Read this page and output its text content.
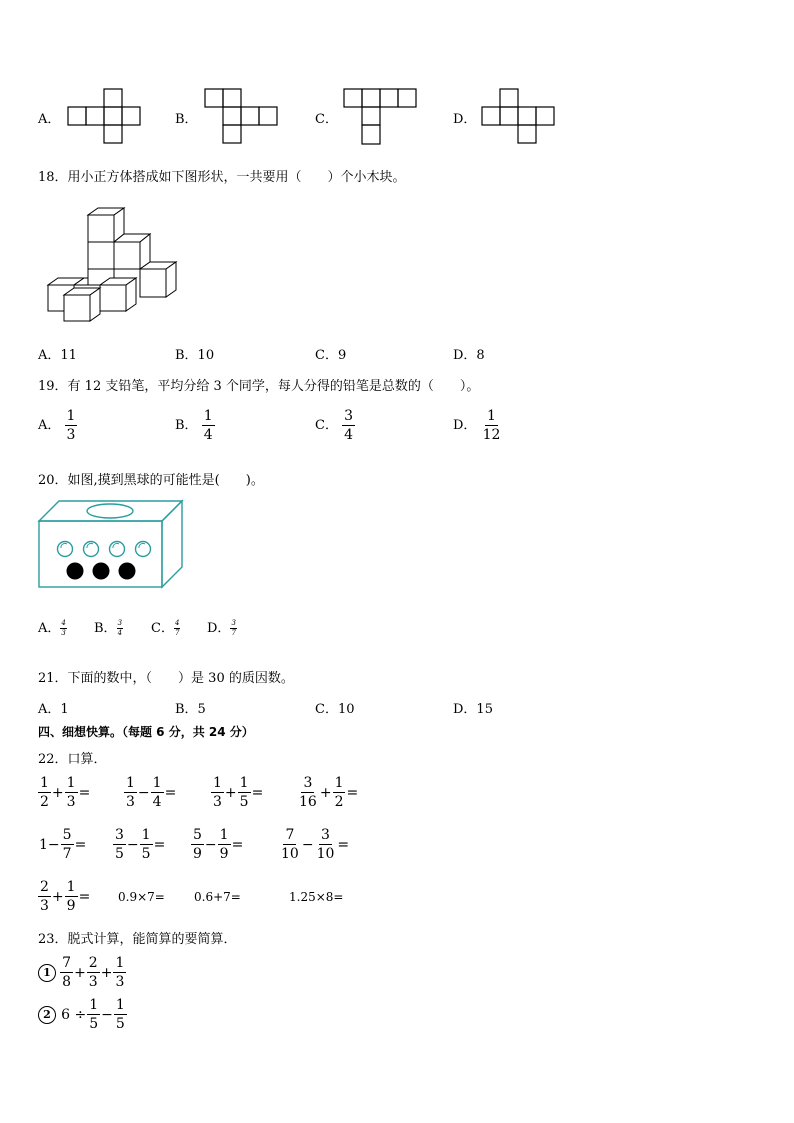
A．	B．	C．	D．
18．用小正方体搭成如下图形状，一共要用（　　）个小木块。
A．11	B．10	C．9	D．8
19．有 12 支铅笔，平均分给 3 个同学，每人分得的铅笔是总数的（　　）。
A． $\frac{1}{3}$	B． $\frac{1}{4}$	C． $\frac{3}{4}$	D． $\frac{1}{12}$
20．如图,摸到黑球的可能性是(　　)。
A． $\frac{4}{3}$ B． $\frac{3}{4}$ C． $\frac{4}{7}$ D． $\frac{3}{7}$
21．下面的数中，（　　）是 30 的质因数。
A．1	B．5	C．10	D．15
四、细想快算。（每题 6 分，共 24 分）
22．口算．
$\frac{1}{2} + \frac{1}{3} = \frac{1}{3} - \frac{1}{4} = \frac{1}{3} + \frac{1}{5} = \frac{3}{16} + \frac{1}{2}$ =
$1- \frac{5}{7} = \frac{3}{5} - \frac{1}{5} = \frac{5}{9} - \frac{1}{9}$ =	$\frac{7}{10} - \frac{3}{10}$ =
$\frac{2}{3} + \frac{1}{9} = 0.9\times 7= 0.6+7=$	1.25×8=
23．脱式计算，能简算的要简算．
$1 \frac{7}{8} + \frac{2}{3} + \frac{1}{3}$
2 $6 \div \frac{1}{5} - \frac{1}{5}$
